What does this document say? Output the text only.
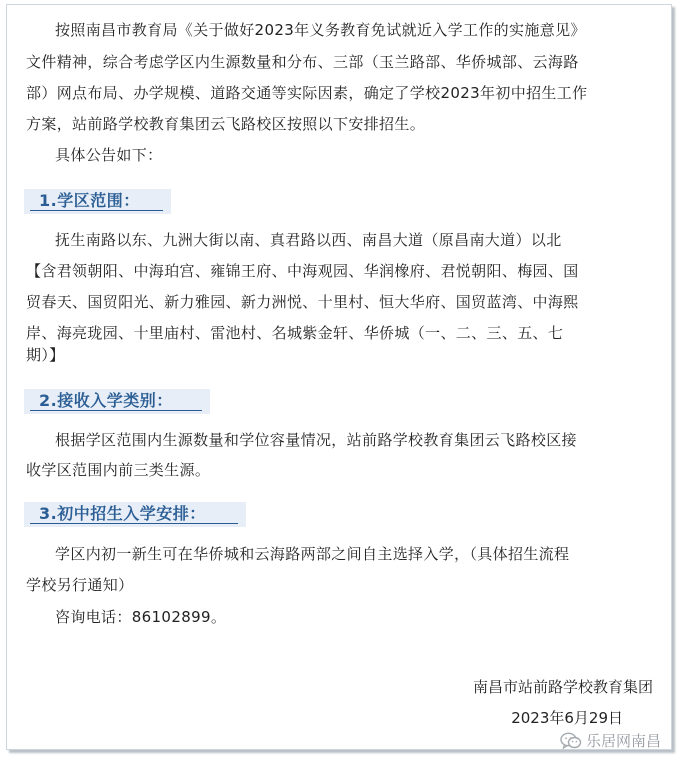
按照南昌市教育局《关于做好2023年义务教育免试就近入学工作的实施意见》
文件精神，综合考虑学区内生源数量和分布、三部（玉兰路部、华侨城部、云海路
部）网点布局、办学规模、道路交通等实际因素，确定了学校2023年初中招生工作
方案，站前路学校教育集团云飞路校区按照以下安排招生。
具体公告如下：
1.学区范围：
抚生南路以东、九洲大街以南、真君路以西、南昌大道（原昌南大道）以北
【含君领朝阳、中海珀宫、雍锦王府、中海观园、华润橡府、君悦朝阳、梅园、国
贸春天、国贸阳光、新力雅园、新力洲悦、十里村、恒大华府、国贸蓝湾、中海熙
岸、海亮珑园、十里庙村、雷池村、名城紫金轩、华侨城（一、二、三、五、七
期）】
2.接收入学类别：
根据学区范围内生源数量和学位容量情况，站前路学校教育集团云飞路校区接
收学区范围内前三类生源。
3.初中招生入学安排：
学区内初一新生可在华侨城和云海路两部之间自主选择入学，（具体招生流程
学校另行通知）
咨询电话：86102899。
南昌市站前路学校教育集团
2023年6月29日
乐居网南昌
